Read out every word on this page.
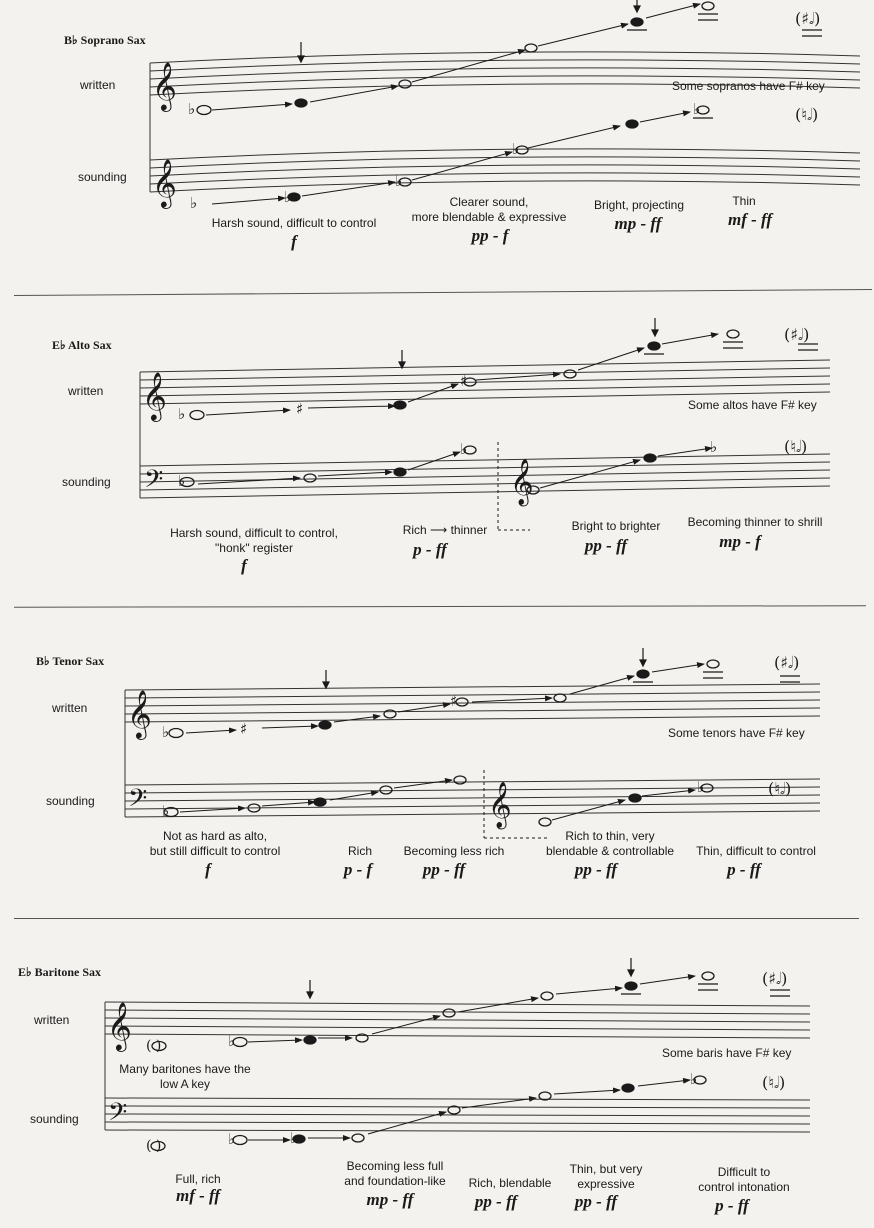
𝄞
𝄞
𝄞
𝄢	𝄞
𝄞
𝄢	𝄞
𝄞
𝄢
♭
♭	♭
♭
♭
♭
♭	♯
♯
♭
♭	♭
♭	♯
♯
♭
♭
♭
♭
♭
♭
(♯𝅗𝅥)
(♮𝅗𝅥)
(♯𝅗𝅥)
(♮𝅗𝅥)
(♯𝅗𝅥)
(♮𝅗𝅥)
(♯𝅗𝅥)
(♮𝅗𝅥)
( )
( )
B♭ Soprano Sax
written
sounding
Some sopranos have F# key
Harsh sound, difficult to control
f
Clearer sound,
more blendable & expressive
pp - f
Bright, projecting
mp - ff
Thin
mf - ff
E♭ Alto Sax
written
sounding
Some altos have F# key
Harsh sound, difficult to control,
"honk" register
f
Rich ⟶ thinner
p - ff
Bright to brighter
pp - ff
Becoming thinner to shrill
mp - f
B♭ Tenor Sax
written
sounding
Some tenors have F# key
Not as hard as alto,
but still difficult to control
f
Rich
p - f
Becoming less rich
pp - ff
Rich to thin, very
blendable & controllable
pp - ff
Thin, difficult to control
p - ff
E♭ Baritone Sax
written
sounding
Some baris have F# key
Many baritones have the
low A key
Full, rich
mf - ff
Becoming less full
and foundation-like
mp - ff
Rich, blendable
pp - ff
Thin, but very
expressive
pp - ff
Difficult to
control intonation
p - ff
